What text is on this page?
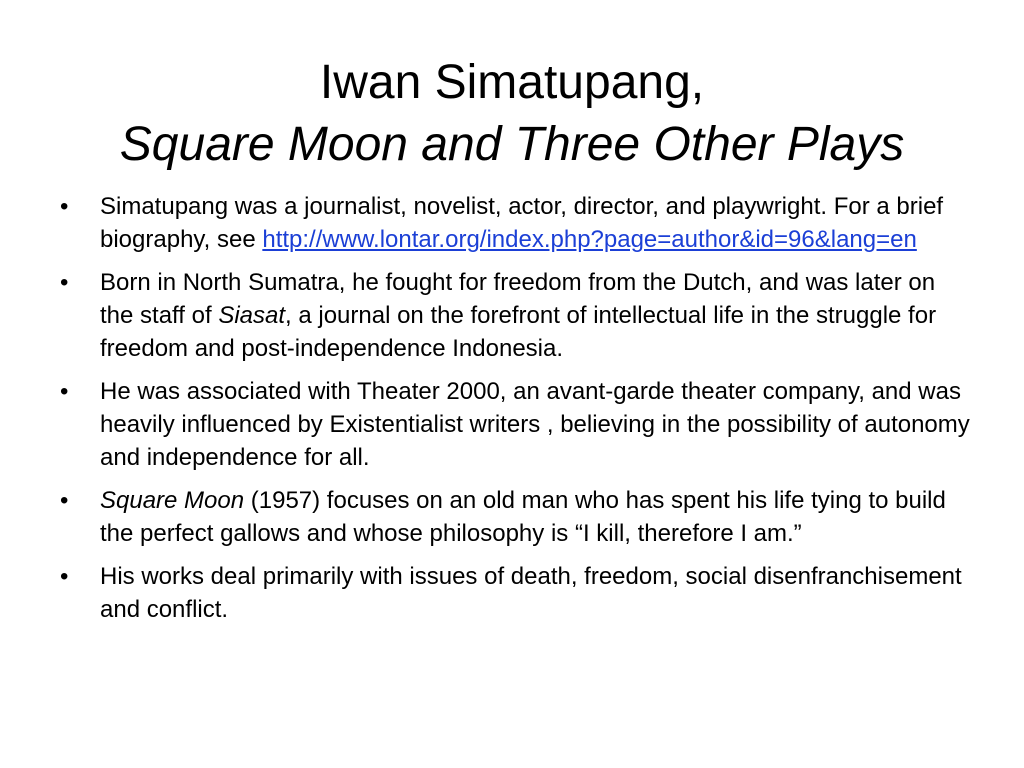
Iwan Simatupang,
Square Moon and Three Other Plays
• Simatupang was a journalist, novelist, actor, director, and playwright. For a brief biography, see http://www.lontar.org/index.php?page=author&id=96&lang=en
• Born in North Sumatra, he fought for freedom from the Dutch, and was later on the staff of Siasat, a journal on the forefront of intellectual life in the struggle for freedom and post-independence Indonesia.
• He was associated with Theater 2000, an avant-garde theater company, and was heavily influenced by Existentialist writers , believing in the possibility of autonomy and independence for all.
• Square Moon (1957) focuses on an old man who has spent his life tying to build the perfect gallows and whose philosophy is “I kill, therefore I am.”
• His works deal primarily with issues of death, freedom, social disenfranchisement and conflict.
